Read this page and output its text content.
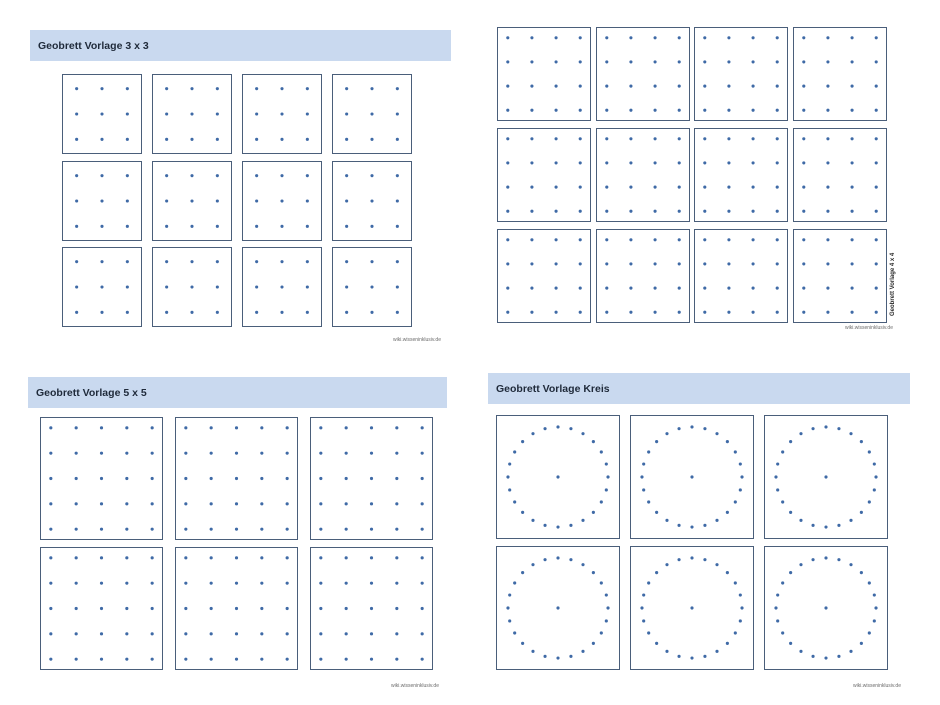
Geobrett Vorlage 3 x 3
wiki.wisseninklusiv.de
Geobrett Vorlage 4 x 4
wiki.wisseninklusiv.de
Geobrett Vorlage 5 x 5
wiki.wisseninklusiv.de
Geobrett Vorlage Kreis
wiki.wisseninklusiv.de
